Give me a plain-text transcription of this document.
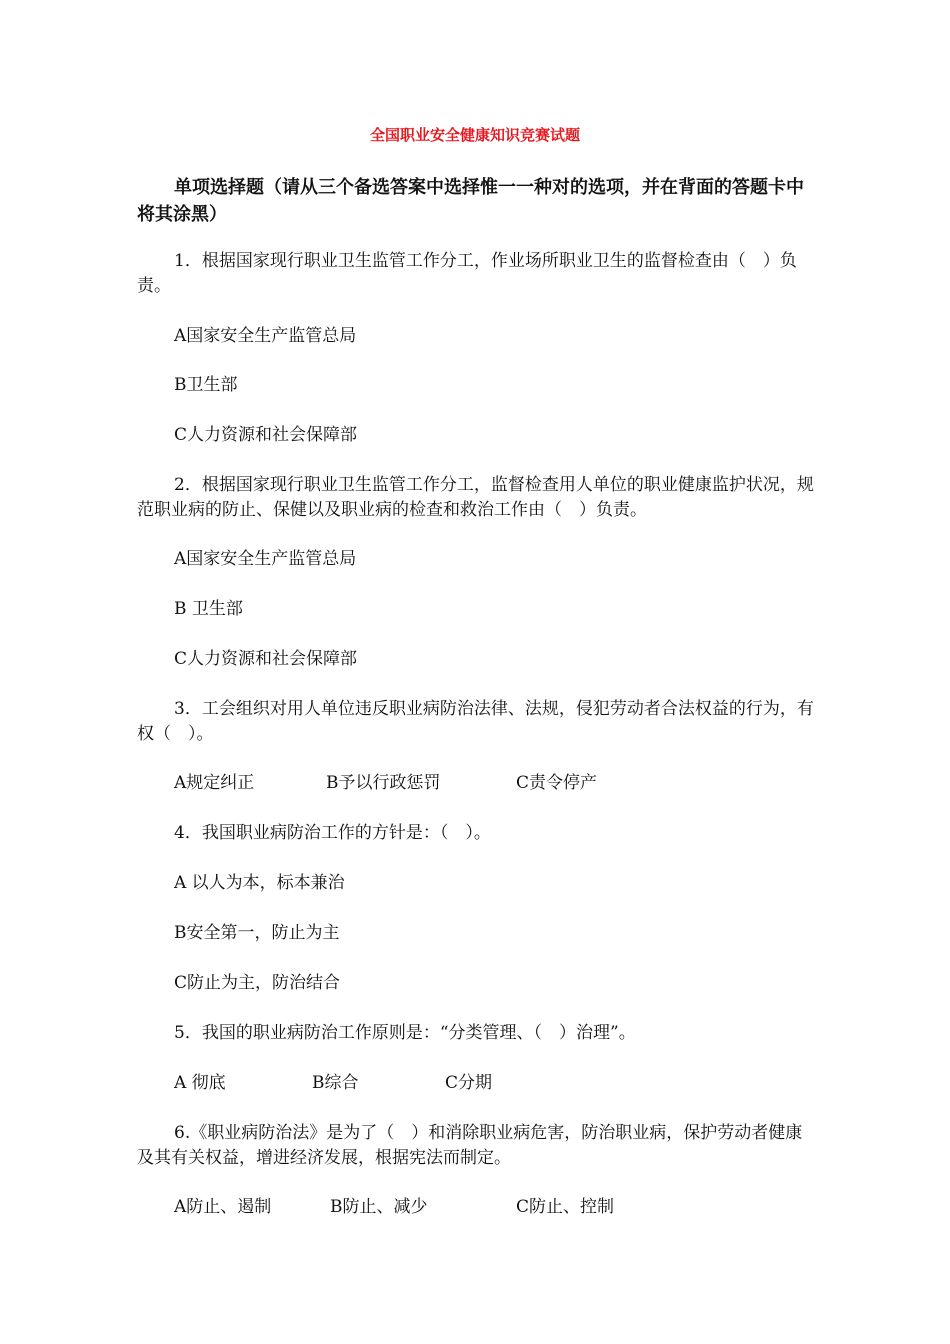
全国职业安全健康知识竞赛试题

单项选择题（请从三个备选答案中选择惟一一种对的选项，并在背面的答题卡中将其涂黑）

1．根据国家现行职业卫生监管工作分工，作业场所职业卫生的监督检查由（　）负责。

A国家安全生产监管总局

B卫生部

C人力资源和社会保障部

2．根据国家现行职业卫生监管工作分工，监督检查用人单位的职业健康监护状况，规范职业病的防止、保健以及职业病的检查和救治工作由（　）负责。

A国家安全生产监管总局

B 卫生部

C人力资源和社会保障部

3．工会组织对用人单位违反职业病防治法律、法规，侵犯劳动者合法权益的行为，有权（　）。

A规定纠正	B予以行政惩罚	C责令停产

4．我国职业病防治工作的方针是：（　）。

A 以人为本，标本兼治

B安全第一，防止为主

C防止为主，防治结合

5．我国的职业病防治工作原则是：“分类管理、（　）治理”。

A 彻底	B综合	C分期

6.《职业病防治法》是为了（　）和消除职业病危害，防治职业病，保护劳动者健康及其有关权益，增进经济发展，根据宪法而制定。

A防止、遏制	B防止、减少	C防止、控制
